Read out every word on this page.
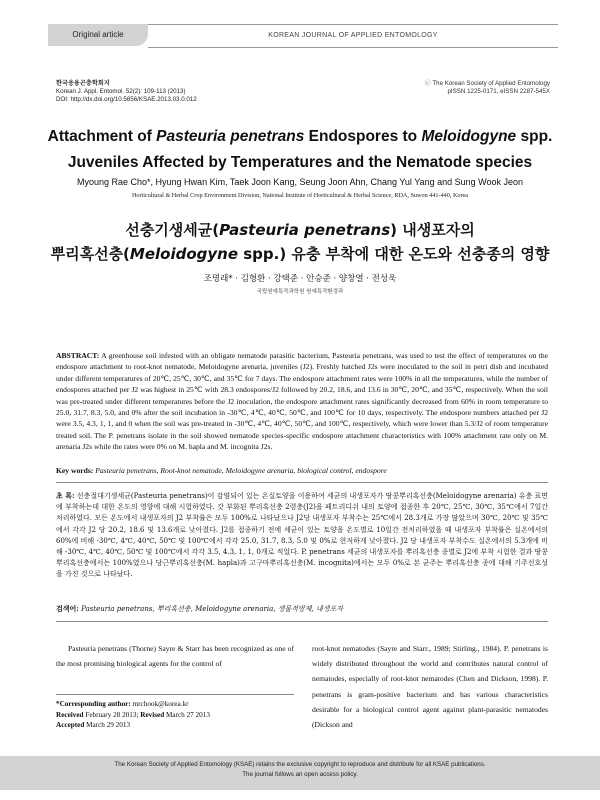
Original article	KOREAN JOURNAL OF APPLIED ENTOMOLOGY
한국응용곤충학회지
Korean J. Appl. Entomol. 52(2): 109-113 (2013)
DOI: http://dx.doi.org/10.5656/KSAE.2013.03.0.012
ⓒ The Korean Society of Applied Entomology
pISSN 1225-0171, eISSN 2287-545X
Attachment of Pasteuria penetrans Endospores to Meloidogyne spp. Juveniles Affected by Temperatures and the Nematode species
Myoung Rae Cho*, Hyung Hwan Kim, Taek Joon Kang, Seung Joon Ahn, Chang Yul Yang and Sung Wook Jeon
Horticultural & Herbal Crop Environment Division, National Institute of Horticultural & Herbal Science, RDA, Suwon 441-440, Korea
선충기생세균(Pasteuria penetrans) 내생포자의
뿌리혹선충(Meloidogyne spp.) 유충 부착에 대한 온도와 선충종의 영향
조명래* · 김형환 · 강택준 · 안승준 · 양창열 · 전성욱
국립원예특작과학원 원예특작환경과
ABSTRACT: A greenhouse soil infested with an obligate nematode parasitic bacterium, Pasteuria penetrans, was used to test the effect of temperatures on the endospore attachment to root-knot nematode, Meloidogyne arenaria, juveniles (J2). Freshly hatched J2s were inoculated to the soil in petri dish and incubated under different temperatures of 20℃, 25℃, 30℃, and 35℃ for 7 days. The endospore attachment rates were 100% in all the temperatures, while the number of endospores attached per J2 was highest in 25℃ with 28.3 endospores/J2 followed by 20.2, 18.6, and 13.6 in 30℃, 20℃, and 35℃, respectively. When the soil was pre-treated under different temperatures before the J2 inoculation, the endospore attachment rates significantly decreased from 60% in room temperature to 25.0, 31.7, 8.3, 5.0, and 0% after the soil incubation in -30℃, 4℃, 40℃, 50℃, and 100℃ for 10 days, respectively. The endospore numbers attached per J2 were 3.5, 4.3, 1, 1, and 0 when the soil was pre-treated in -30℃, 4℃, 40℃, 50℃, and 100℃, respectively, which were lower than 5.3/J2 of room temperature treated soil. The P. penetrans isolate in the soil showed nematode species-specific endospore attachment characteristics with 100% attachment rate only on M. arenaria J2s while the rates were 0% on M. hapla and M. incognita J2s.
Key words: Pasteuria penetrans, Root-knot nematode, Meloidogyne arenaria, biological control, endospore
초 록: 선충절대기생세균(Pasteuria penetrans)이 감염되어 있는 온실토양을 이용하여 세균의 내생포자가 땅콩뿌리혹선충(Meloidogyne arenaria) 유충 표면에 부착하는데 대한 온도의 영향에 대해 시험하였다. 갓 부화된 뿌리혹선충 2령충(J2)을 페트리디쉬 내의 토양에 접종한 후 20℃, 25℃, 30℃, 35℃에서 7일간 처리하였다. 모든 온도에서 내생포자의 J2 부착률은 모두 100%로 나타났으나 J2당 내생포자 부착수는 25℃에서 28.3개로 가장 많았으며 30℃, 20℃ 및 35℃에서 각각 J2 당 20.2, 18.6 및 13.6개로 낮아졌다. J2를 접종하기 전에 세균이 있는 토양을 온도별로 10일간 전처리하였을 때 내생포자 부착률은 실온에서의 60%에 비해 -30℃, 4℃, 40℃, 50℃ 및 100℃에서 각각 25.0, 31.7, 8.3, 5.0 및 0%로 현저하게 낮아졌다. J2 당 내생포자 부착수도 실온에서의 5.3개에 비해 -30℃, 4℃, 40℃, 50℃ 및 100℃에서 각각 3.5, 4.3, 1, 1, 0개로 적었다. P. penetrans 세균의 내생포자를 뿌리혹선충 종별로 J2에 부착 시험한 결과 땅콩뿌리혹선충에서는 100%였으나 당근뿌리혹선충(M. hapla)과 고구마뿌리혹선충(M. incognita)에서는 모두 0%로 본 균주는 뿌리혹선충 종에 대해 기주선호성을 가진 것으로 나타났다.
검색어: Pasteuria penetrans, 뿌리혹선충, Meloidogyne arenaria, 생물적방제, 내생포자
Pasteuria penetrans (Thorne) Sayre & Starr has been recognized as one of the most promising biological agents for the control of
root-knot nematodes (Sayre and Starr., 1989; Stirling., 1984). P. penetrans is widely distributed throughout the world and contributes natural control of nematodes, especially of root-knot nematodes (Chen and Dickson, 1998). P. penetrans is gram-positive bacterium and has various characteristics desirable for a biological control agent against plant-parasitic nematodes (Dickson and
*Corresponding author: mrchook@korea.kr
Received February 28 2013; Revised March 27 2013
Accepted March 29 2013
The Korean Society of Applied Entomology (KSAE) retains the exclusive copyright to reproduce and distribute for all KSAE publications.
The journal follows an open access policy.
